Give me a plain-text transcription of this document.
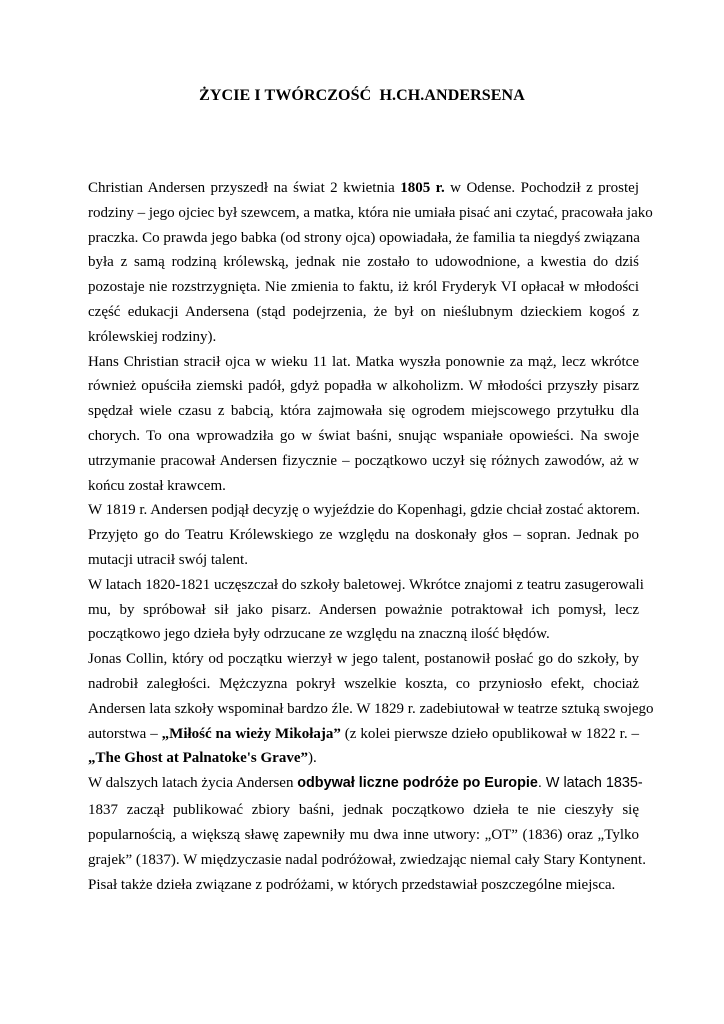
ŻYCIE I TWÓRCZOŚĆ  H.CH.ANDERSENA

Christian Andersen przyszedł na świat 2 kwietnia 1805 r. w Odense. Pochodził z prostej
rodziny – jego ojciec był szewcem, a matka, która nie umiała pisać ani czytać, pracowała jako
praczka. Co prawda jego babka (od strony ojca) opowiadała, że familia ta niegdyś związana
była z samą rodziną królewską, jednak nie zostało to udowodnione, a kwestia do dziś
pozostaje nie rozstrzygnięta. Nie zmienia to faktu, iż król Fryderyk VI opłacał w młodości
część edukacji Andersena (stąd podejrzenia, że był on nieślubnym dzieckiem kogoś z
królewskiej rodziny).

Hans Christian stracił ojca w wieku 11 lat. Matka wyszła ponownie za mąż, lecz wkrótce
również opuściła ziemski padół, gdyż popadła w alkoholizm. W młodości przyszły pisarz
spędzał wiele czasu z babcią, która zajmowała się ogrodem miejscowego przytułku dla
chorych. To ona wprowadziła go w świat baśni, snując wspaniałe opowieści. Na swoje
utrzymanie pracował Andersen fizycznie – początkowo uczył się różnych zawodów, aż w
końcu został krawcem.

W 1819 r. Andersen podjął decyzję o wyjeździe do Kopenhagi, gdzie chciał zostać aktorem.
Przyjęto go do Teatru Królewskiego ze względu na doskonały głos – sopran. Jednak po
mutacji utracił swój talent.

W latach 1820-1821 uczęszczał do szkoły baletowej. Wkrótce znajomi z teatru zasugerowali
mu, by spróbował sił jako pisarz. Andersen poważnie potraktował ich pomysł, lecz
początkowo jego dzieła były odrzucane ze względu na znaczną ilość błędów.

Jonas Collin, który od początku wierzył w jego talent, postanowił posłać go do szkoły, by
nadrobił zaległości. Mężczyzna pokrył wszelkie koszta, co przyniosło efekt, chociaż
Andersen lata szkoły wspominał bardzo źle. W 1829 r. zadebiutował w teatrze sztuką swojego
autorstwa – „Miłość na wieży Mikołaja” (z kolei pierwsze dzieło opublikował w 1822 r. –
„The Ghost at Palnatoke's Grave”).

W dalszych latach życia Andersen odbywał liczne podróże po Europie. W latach 1835-
1837 zaczął publikować zbiory baśni, jednak początkowo dzieła te nie cieszyły się
popularnością, a większą sławę zapewniły mu dwa inne utwory: „OT” (1836) oraz „Tylko
grajek” (1837). W międzyczasie nadal podróżował, zwiedzając niemal cały Stary Kontynent.
Pisał także dzieła związane z podróżami, w których przedstawiał poszczególne miejsca.
